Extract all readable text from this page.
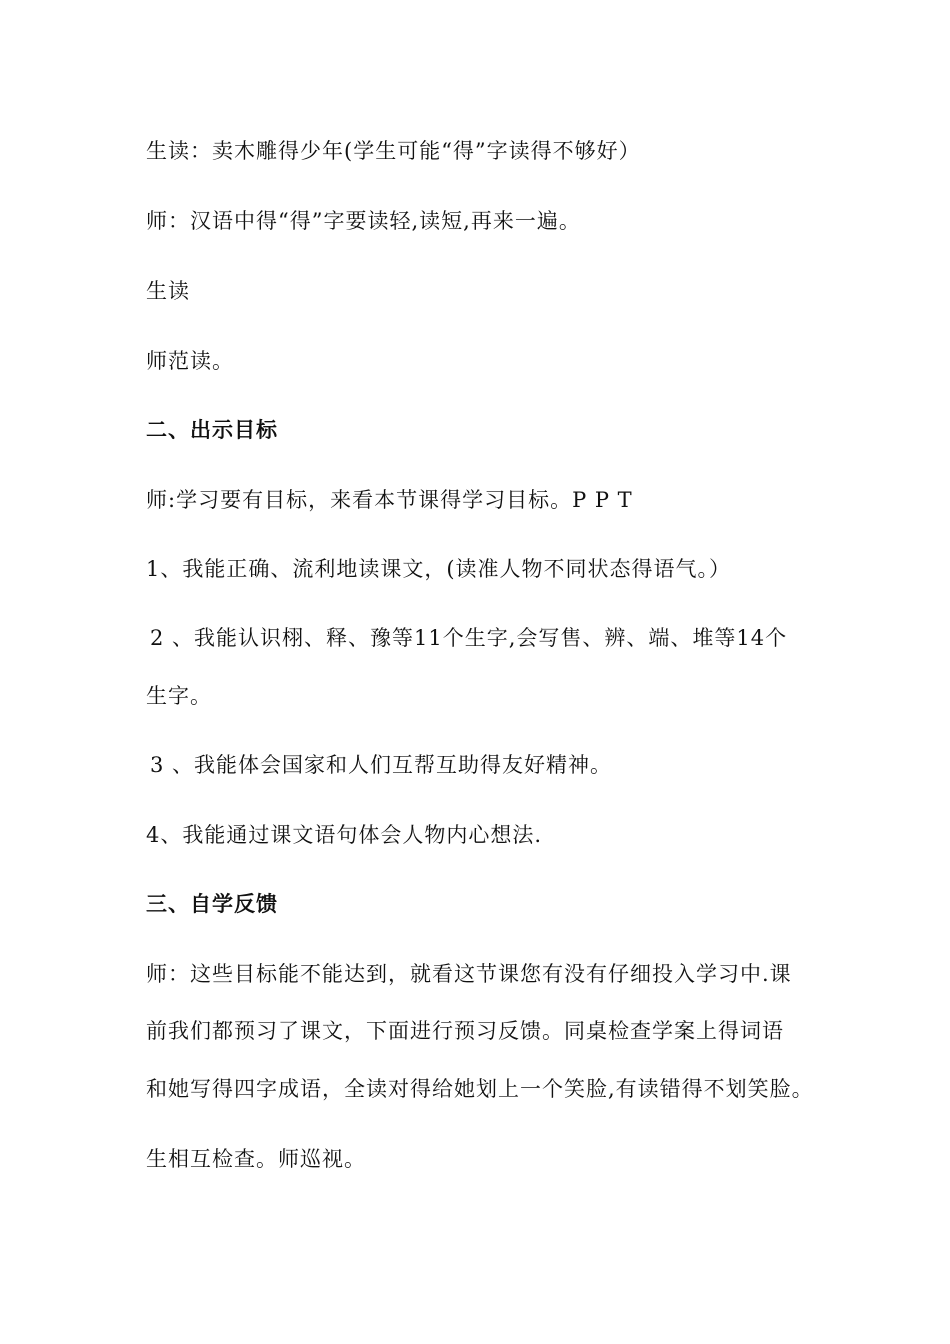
生读：卖木雕得少年(学生可能“得”字读得不够好）
师：汉语中得“得”字要读轻,读短,再来一遍。
生读
师范读。
二、出示目标
师:学习要有目标，来看本节课得学习目标。P P T
1、我能正确、流利地读课文，(读准人物不同状态得语气。）
2 、我能认识栩、释、豫等11个生字,会写售、辨、端、堆等14个
生字。
3 、我能体会国家和人们互帮互助得友好精神。
4、我能通过课文语句体会人物内心想法.
三、自学反馈
师：这些目标能不能达到，就看这节课您有没有仔细投入学习中.课
前我们都预习了课文，下面进行预习反馈。同桌检查学案上得词语
和她写得四字成语，全读对得给她划上一个笑脸,有读错得不划笑脸。
生相互检查。师巡视。
